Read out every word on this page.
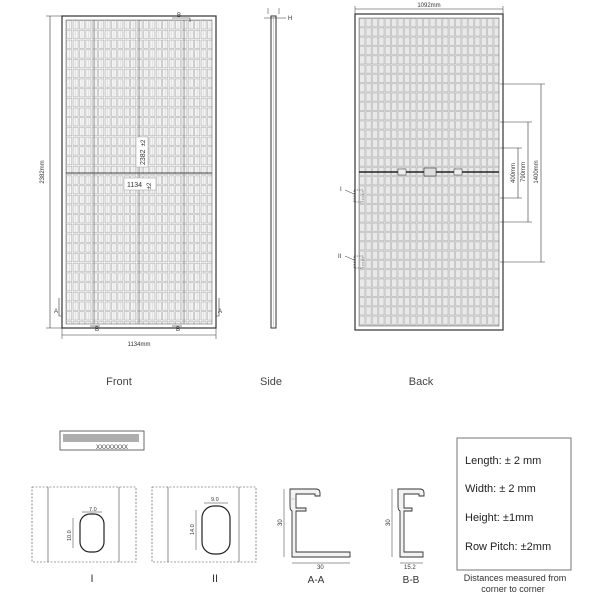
2382mm
1134mm
1134 ±2
2382
±2
B
A	A
B	B
H
1092mm
400mm 790mm 1400mm
I
II
Front	Side	Back
XXXXXXXX
7.0
10.0
I
9.0
14.0
II
30
30
A-A
30
15.2
B-B
Length: ± 2 mm
Width: ± 2 mm
Height: ±1mm
Row Pitch: ±2mm
Distances measured from
corner to corner
